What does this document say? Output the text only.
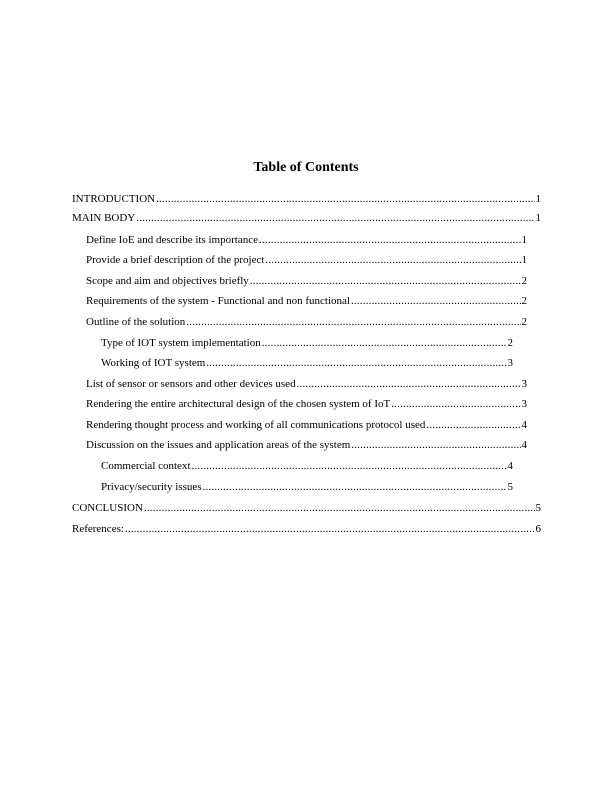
Table of Contents
INTRODUCTION .....	1
MAIN BODY .....	1
Define IoE and describe its importance .....	1
Provide a brief description of the project .....	1
Scope and aim and objectives briefly .....	2
Requirements of the system - Functional and non functional .....	2
Outline of the solution .....	2
Type of IOT system implementation .....	2
Working of IOT system .....	3
List of sensor or sensors and other devices used .....	3
Rendering the entire architectural design of the chosen system of IoT .....	3
Rendering thought process and working of all communications protocol used .....	4
Discussion on the issues and application areas of the system .....	4
Commercial context .....	4
Privacy/security issues .....	5
CONCLUSION .....	5
References: .....	6
